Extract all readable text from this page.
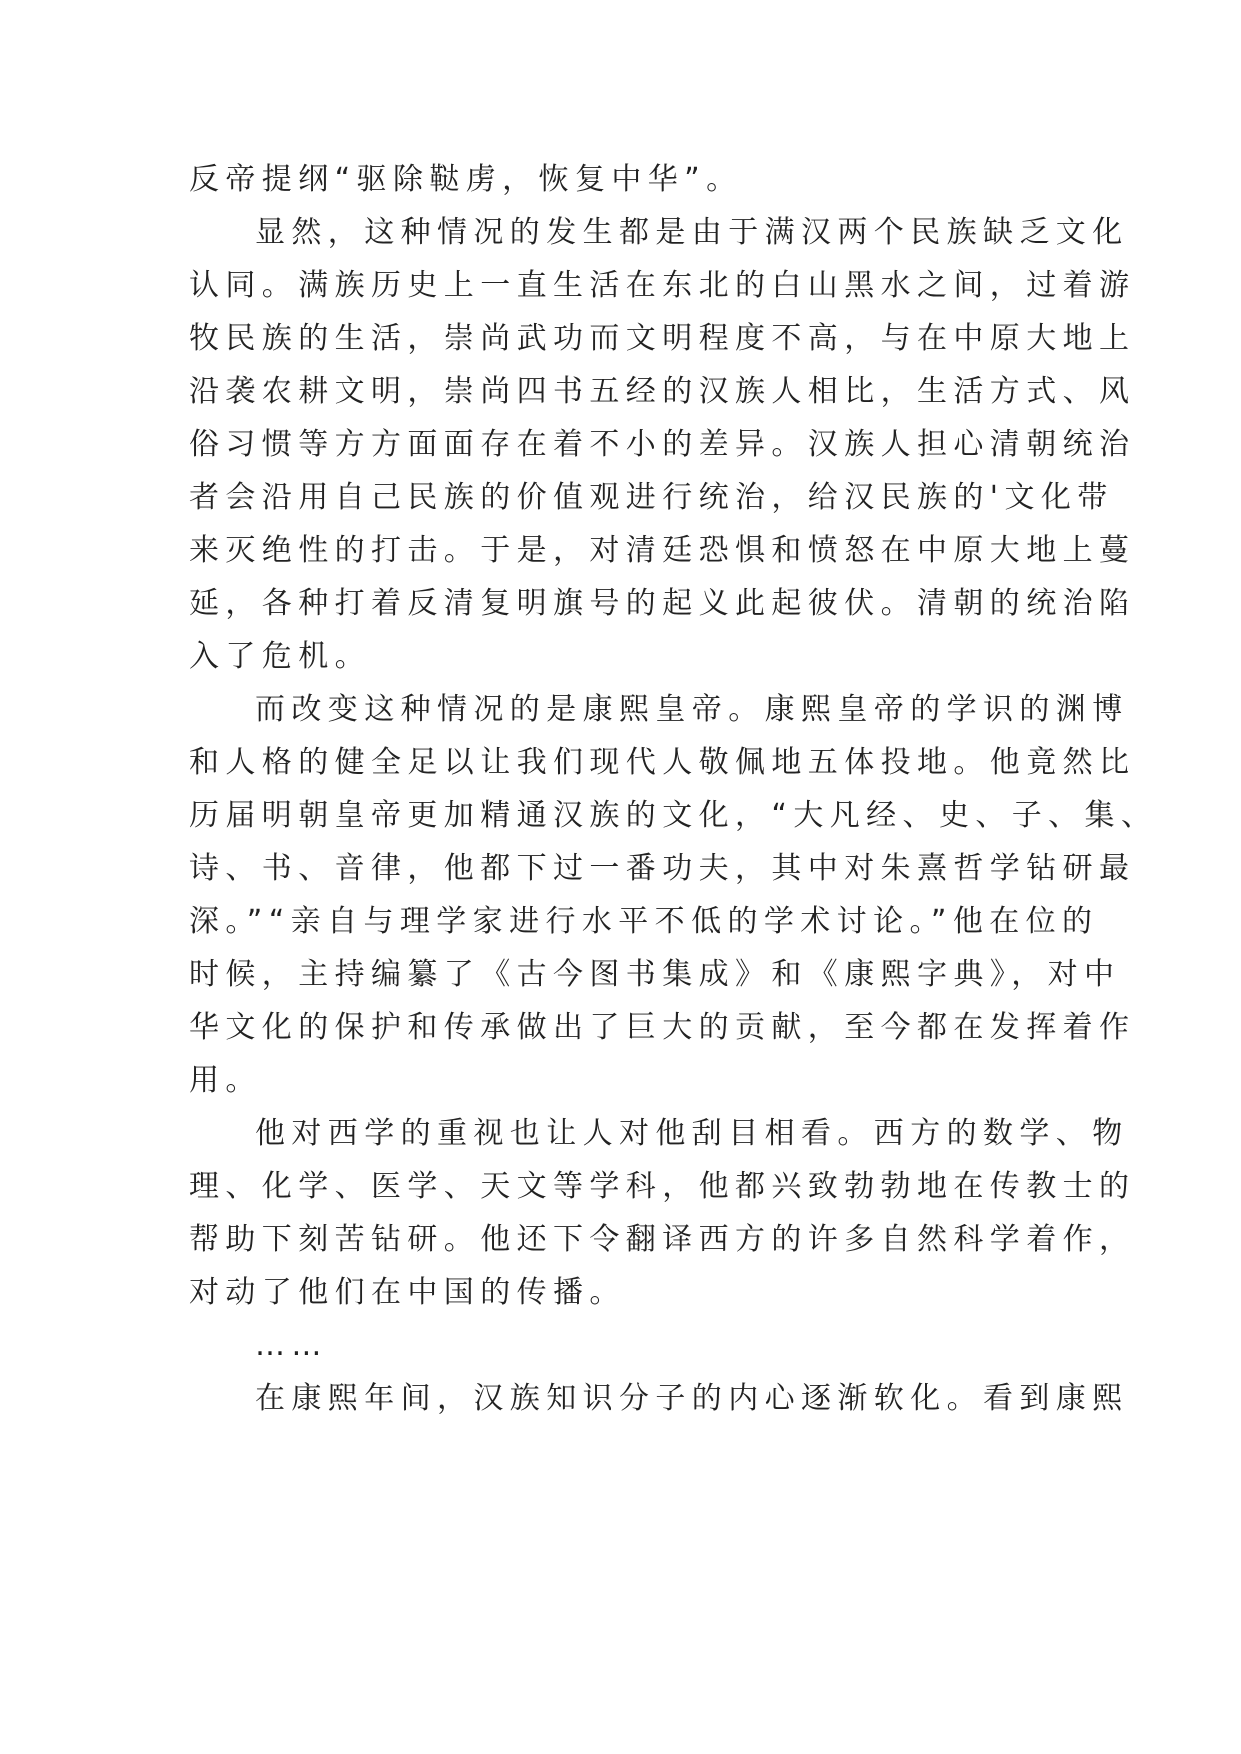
反帝提纲“驱除鞑虏，恢复中华”。
显然，这种情况的发生都是由于满汉两个民族缺乏文化
认同。满族历史上一直生活在东北的白山黑水之间，过着游
牧民族的生活，崇尚武功而文明程度不高，与在中原大地上
沿袭农耕文明，崇尚四书五经的汉族人相比，生活方式、风
俗习惯等方方面面存在着不小的差异。汉族人担心清朝统治
者会沿用自己民族的价值观进行统治，给汉民族的'文化带
来灭绝性的打击。于是，对清廷恐惧和愤怒在中原大地上蔓
延，各种打着反清复明旗号的起义此起彼伏。清朝的统治陷
入了危机。
而改变这种情况的是康熙皇帝。康熙皇帝的学识的渊博
和人格的健全足以让我们现代人敬佩地五体投地。他竟然比
历届明朝皇帝更加精通汉族的文化，“大凡经、史、子、集、
诗、书、音律，他都下过一番功夫，其中对朱熹哲学钻研最
深。”“亲自与理学家进行水平不低的学术讨论。”他在位的
时候，主持编纂了《古今图书集成》和《康熙字典》，对中
华文化的保护和传承做出了巨大的贡献，至今都在发挥着作
用。
他对西学的重视也让人对他刮目相看。西方的数学、物
理、化学、医学、天文等学科，他都兴致勃勃地在传教士的
帮助下刻苦钻研。他还下令翻译西方的许多自然科学着作，
对动了他们在中国的传播。
……
在康熙年间，汉族知识分子的内心逐渐软化。看到康熙
